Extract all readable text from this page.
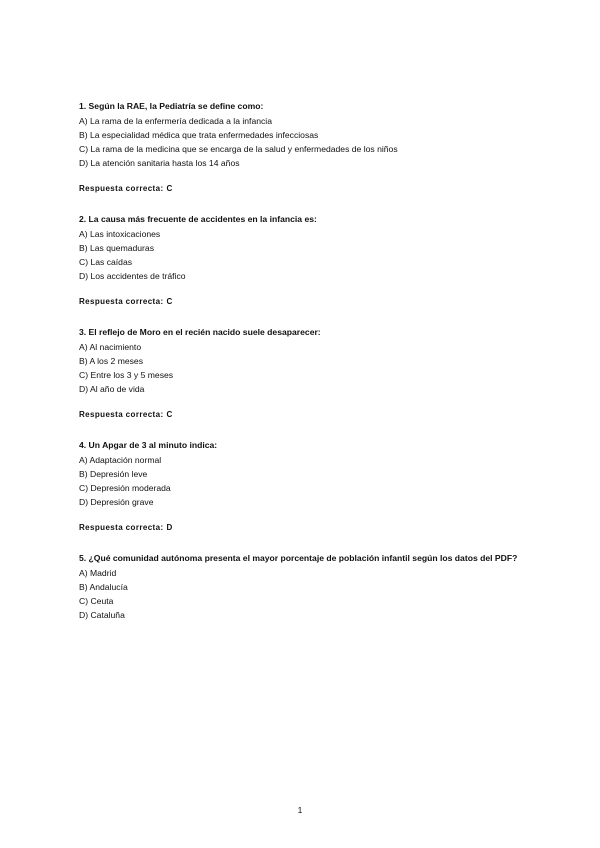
1. Según la RAE, la Pediatría se define como:
A) La rama de la enfermería dedicada a la infancia
B) La especialidad médica que trata enfermedades infecciosas
C) La rama de la medicina que se encarga de la salud y enfermedades de los niños
D) La atención sanitaria hasta los 14 años
Respuesta correcta: C
2. La causa más frecuente de accidentes en la infancia es:
A) Las intoxicaciones
B) Las quemaduras
C) Las caídas
D) Los accidentes de tráfico
Respuesta correcta: C
3. El reflejo de Moro en el recién nacido suele desaparecer:
A) Al nacimiento
B) A los 2 meses
C) Entre los 3 y 5 meses
D) Al año de vida
Respuesta correcta: C
4. Un Apgar de 3 al minuto indica:
A) Adaptación normal
B) Depresión leve
C) Depresión moderada
D) Depresión grave
Respuesta correcta: D
5. ¿Qué comunidad autónoma presenta el mayor porcentaje de población infantil según los datos del PDF?
A) Madrid
B) Andalucía
C) Ceuta
D) Cataluña
1
